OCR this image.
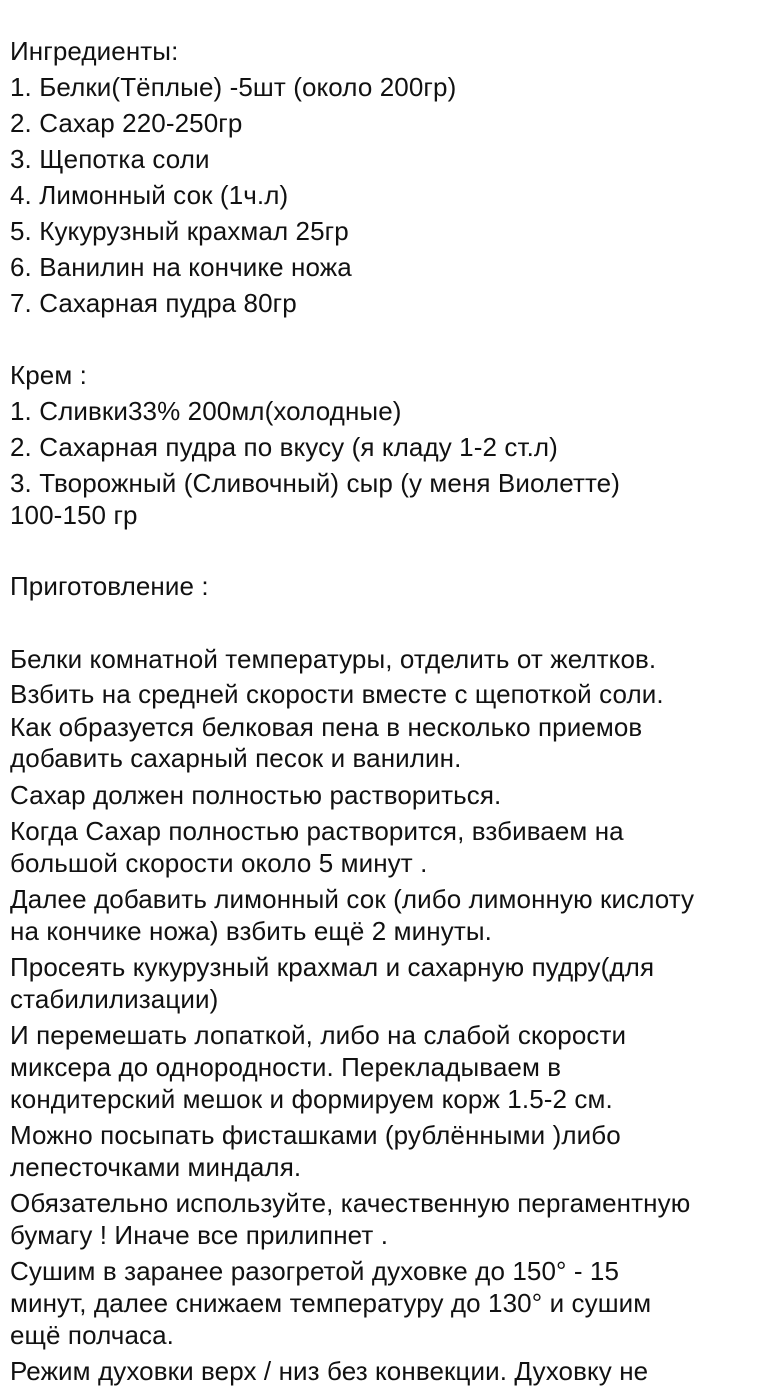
Ингредиенты:
1. Белки(Тёплые) -5шт (около 200гр)
2. Сахар 220-250гр
3. Щепотка соли
4. Лимонный сок (1ч.л)
5. Кукурузный крахмал 25гр
6. Ванилин на кончике ножа
7. Сахарная пудра 80гр
Крем :
1. Сливки33% 200мл(холодные)
2. Сахарная пудра по вкусу (я кладу 1-2 ст.л)
3. Творожный (Сливочный) сыр (у меня Виолетте)
100-150 гр
Приготовление :
Белки комнатной температуры, отделить от желтков.
Взбить на средней скорости вместе с щепоткой соли.
Как образуется белковая пена в несколько приемов
добавить сахарный песок и ванилин.
Сахар должен полностью раствориться.
Когда Сахар полностью растворится, взбиваем на
большой скорости около 5 минут .
Далее добавить лимонный сок (либо лимонную кислоту
на кончике ножа) взбить ещё 2 минуты.
Просеять кукурузный крахмал и сахарную пудру(для
стабилилизации)
И перемешать лопаткой, либо на слабой скорости
миксера до однородности. Перекладываем в
кондитерский мешок и формируем корж 1.5-2 см.
Можно посыпать фисташками (рублёнными )либо
лепесточками миндаля.
Обязательно используйте, качественную пергаментную
бумагу ! Иначе все прилипнет .
Сушим в заранее разогретой духовке до 150° - 15
минут, далее снижаем температуру до 130° и сушим
ещё полчаса.
Режим духовки верх / низ без конвекции. Духовку не
